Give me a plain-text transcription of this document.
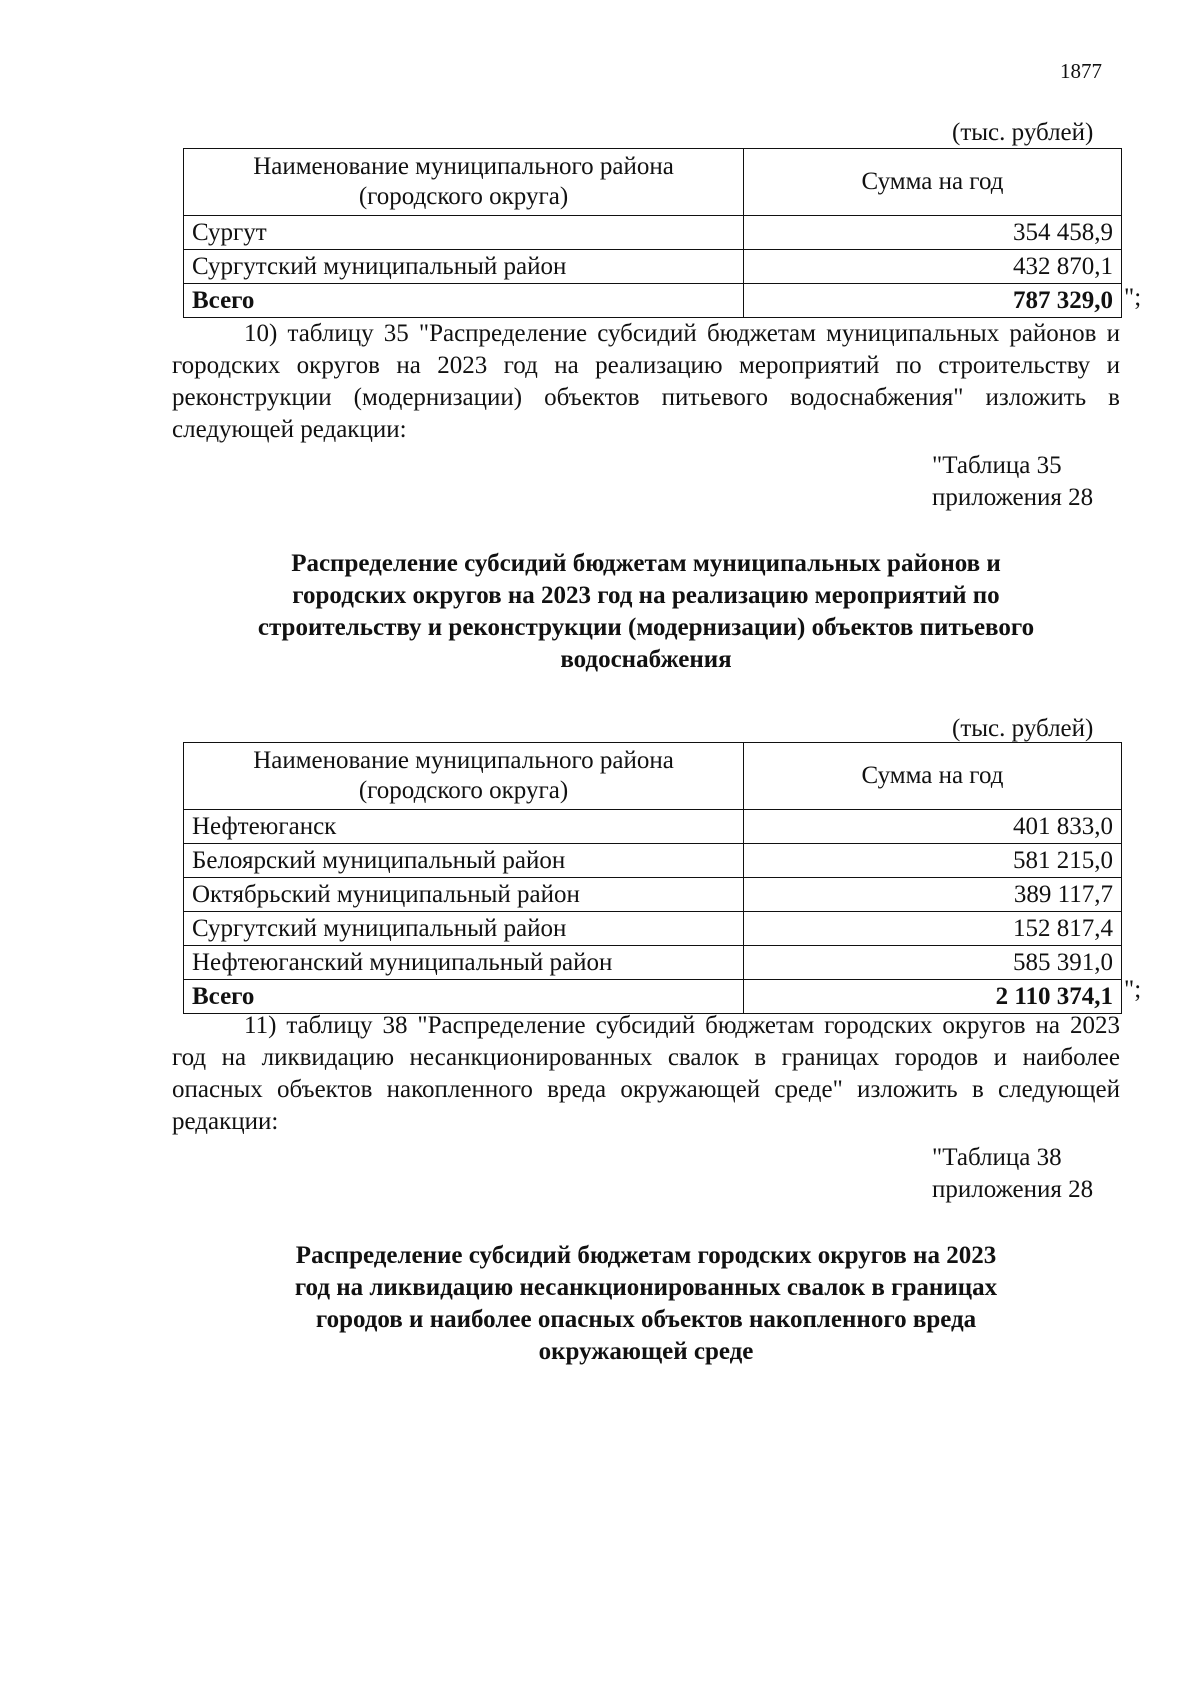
1877
(тыс. рублей)
Наименование муниципального района (городского округа)	Сумма на год
Сургут	354 458,9
Сургутский муниципальный район	432 870,1
Всего	787 329,0 ";
10) таблицу 35 "Распределение субсидий бюджетам муниципальных районов и городских округов на 2023 год на реализацию мероприятий по строительству и реконструкции (модернизации) объектов питьевого водоснабжения" изложить в следующей редакции:
"Таблица 35
приложения 28
Распределение субсидий бюджетам муниципальных районов и городских округов на 2023 год на реализацию мероприятий по строительству и реконструкции (модернизации) объектов питьевого водоснабжения
(тыс. рублей)
Наименование муниципального района (городского округа)	Сумма на год
Нефтеюганск	401 833,0
Белоярский муниципальный район	581 215,0
Октябрьский муниципальный район	389 117,7
Сургутский муниципальный район	152 817,4
Нефтеюганский муниципальный район	585 391,0
Всего	2 110 374,1 ";
11) таблицу 38 "Распределение субсидий бюджетам городских округов на 2023 год на ликвидацию несанкционированных свалок в границах городов и наиболее опасных объектов накопленного вреда окружающей среде" изложить в следующей редакции:
"Таблица 38
приложения 28
Распределение субсидий бюджетам городских округов на 2023 год на ликвидацию несанкционированных свалок в границах городов и наиболее опасных объектов накопленного вреда окружающей среде
